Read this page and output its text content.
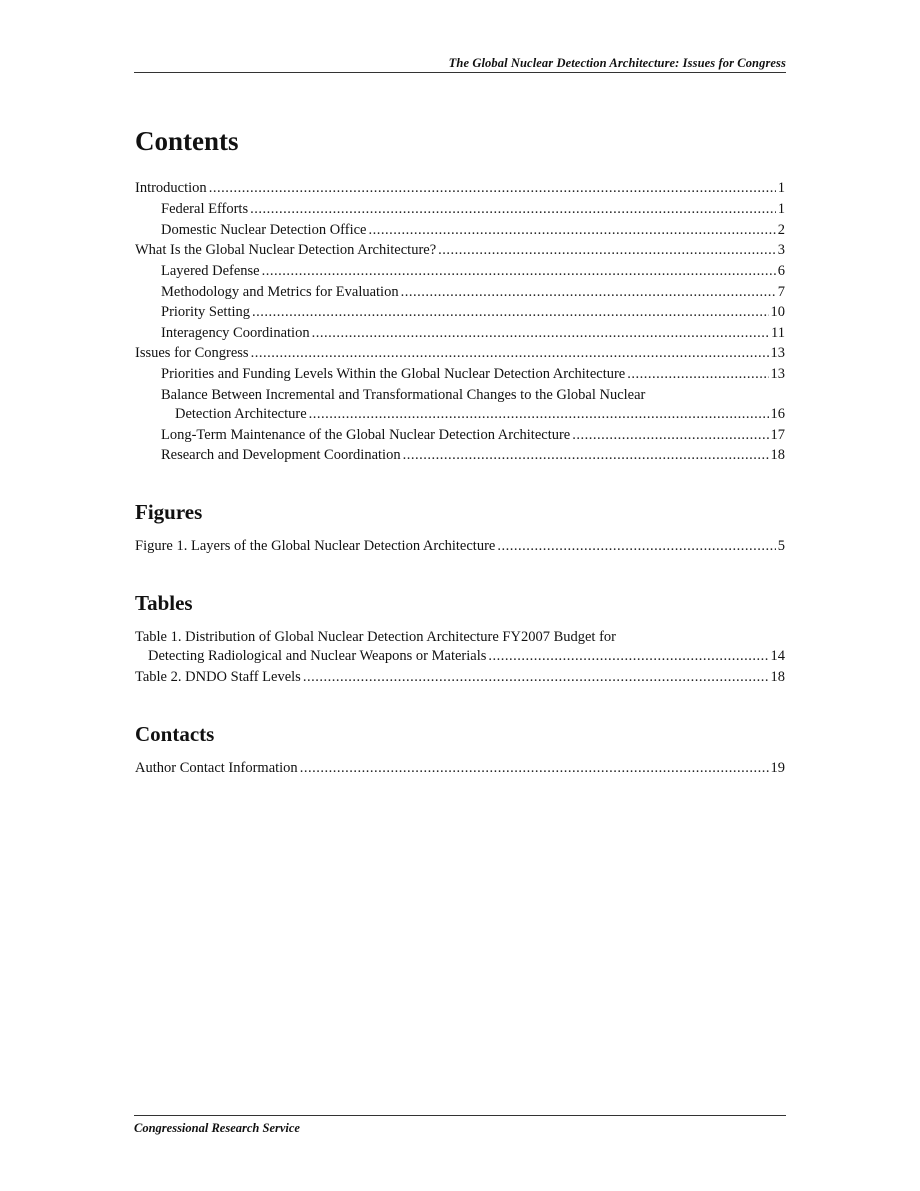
The Global Nuclear Detection Architecture: Issues for Congress
Contents
Introduction .....	1
Federal Efforts .....	1
Domestic Nuclear Detection Office .....	2
What Is the Global Nuclear Detection Architecture? .....	3
Layered Defense .....	6
Methodology and Metrics for Evaluation .....	7
Priority Setting .....	10
Interagency Coordination .....	11
Issues for Congress .....	13
Priorities and Funding Levels Within the Global Nuclear Detection Architecture .....	13
Balance Between Incremental and Transformational Changes to the Global Nuclear
Detection Architecture .....	16
Long-Term Maintenance of the Global Nuclear Detection Architecture .....	17
Research and Development Coordination .....	18
Figures
Figure 1. Layers of the Global Nuclear Detection Architecture .....	5
Tables
Table 1. Distribution of Global Nuclear Detection Architecture FY2007 Budget for
Detecting Radiological and Nuclear Weapons or Materials .....	14
Table 2. DNDO Staff Levels .....	18
Contacts
Author Contact Information .....	19
Congressional Research Service
